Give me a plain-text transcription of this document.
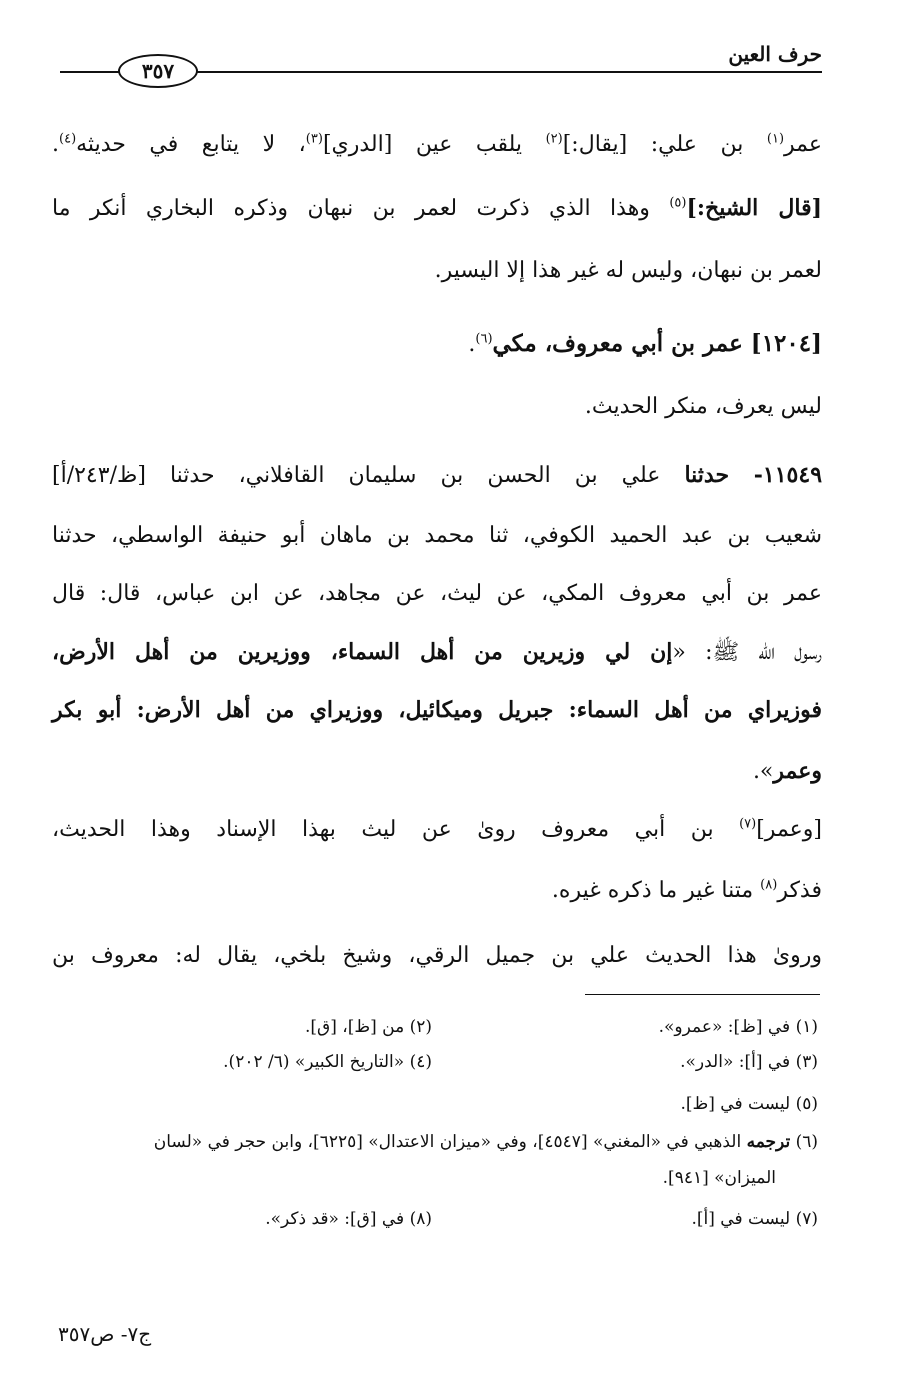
حرف العين
٣٥٧
عمر$^{(١)}$ بن علي: [يقال:]$^{(٢)}$ يلقب عين [الدري]$^{(٣)}$، لا يتابع في حديثه$^{(٤)}$.
[قال الشيخ:]$^{(٥)}$ وهذا الذي ذكرت لعمر بن نبهان وذكره البخاري أنكر ما
لعمر بن نبهان، وليس له غير هذا إلا اليسير.
[١٢٠٤] عمر بن أبي معروف، مكي$^{(٦)}$.
ليس يعرف، منكر الحديث.
١١٥٤٩- حدثنا علي بن الحسن بن سليمان القافلاني، حدثنا [ظ/٢٤٣/أ]
شعيب بن عبد الحميد الكوفي، ثنا محمد بن ماهان أبو حنيفة الواسطي، حدثنا
عمر بن أبي معروف المكي، عن ليث، عن مجاهد، عن ابن عباس، قال: قال
رسول الله ﷺ: «إن لي وزيرين من أهل السماء، ووزيرين من أهل الأرض،
فوزيراي من أهل السماء: جبريل وميكائيل، ووزيراي من أهل الأرض: أبو بكر
وعمر».
[وعمر]$^{(٧)}$ بن أبي معروف روىٰ عن ليث بهذا الإسناد وهذا الحديث،
فذكر$^{(٨)}$ متنا غير ما ذكره غيره.
وروىٰ هذا الحديث علي بن جميل الرقي، وشيخ بلخي، يقال له: معروف بن
(١) في [ظ]: «عمرو».
(٢) من [ظ]، [ق].
(٣) في [أ]: «الدر».
(٤) «التاريخ الكبير» (٦/ ٢٠٢).
(٥) ليست في [ظ].
(٦) ترجمه الذهبي في «المغني» [٤٥٤٧]، وفي «ميزان الاعتدال» [٦٢٢٥]، وابن حجر في «لسان
الميزان» [٩٤١].
(٧) ليست في [أ].
(٨) في [ق]: «قد ذكر».
ج٧- ص٣٥٧
